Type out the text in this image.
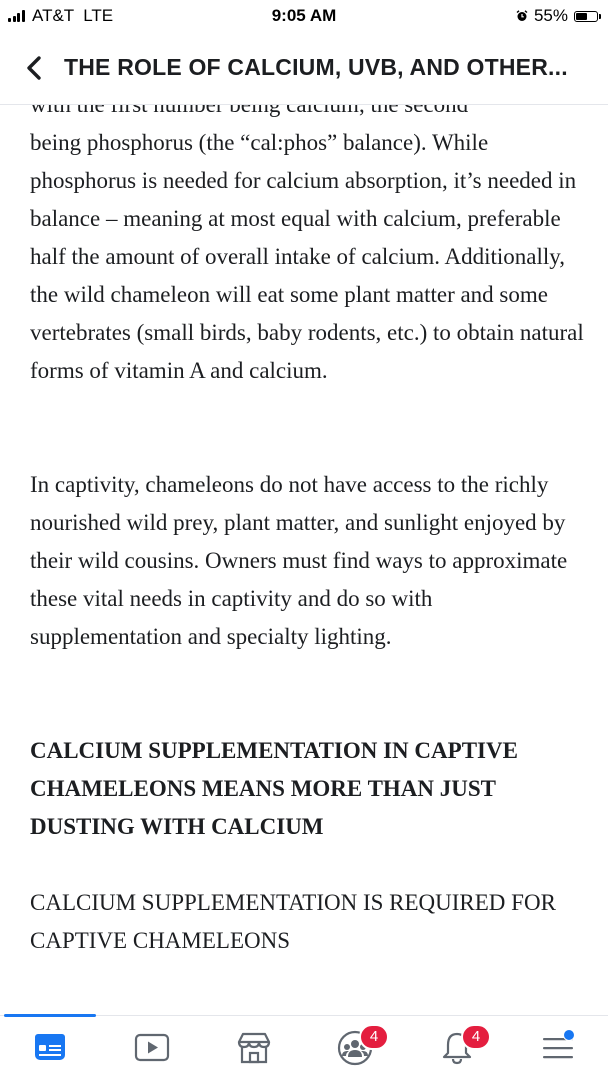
AT&T LTE	9:05 AM	55%
THE ROLE OF CALCIUM, UVB, AND OTHER...

being phosphorus (the “cal:phos” balance). While phosphorus is needed for calcium absorption, it’s needed in balance – meaning at most equal with calcium, preferable half the amount of overall intake of calcium. Additionally, the wild chameleon will eat some plant matter and some vertebrates (small birds, baby rodents, etc.) to obtain natural forms of vitamin A and calcium.

In captivity, chameleons do not have access to the richly nourished wild prey, plant matter, and sunlight enjoyed by their wild cousins. Owners must find ways to approximate these vital needs in captivity and do so with supplementation and specialty lighting.

CALCIUM SUPPLEMENTATION IN CAPTIVE CHAMELEONS MEANS MORE THAN JUST DUSTING WITH CALCIUM

CALCIUM SUPPLEMENTATION IS REQUIRED FOR CAPTIVE CHAMELEONS

4	4
